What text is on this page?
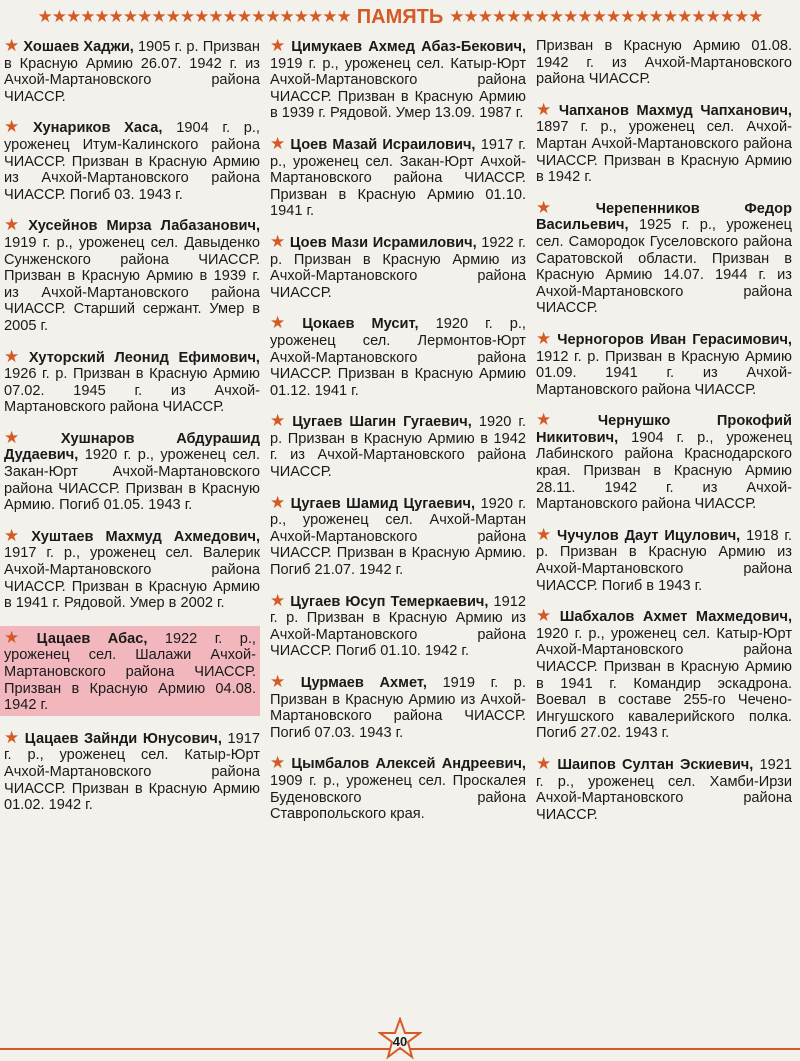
★★★★★★★★★★★★★★★★★★★★★★ ПАМЯТЬ ★★★★★★★★★★★★★★★★★★★★★★
★ Хошаев Хаджи, 1905 г. р. Призван в Красную Армию 26.07. 1942 г. из Ачхой-Мартановского района ЧИАССР.
★ Хунариков Хаса, 1904 г. р., уроженец Итум-Калинского района ЧИАССР. Призван в Красную Армию из Ачхой-Мартановского района ЧИАССР. Погиб 03. 1943 г.
★ Хусейнов Мирза Лабазанович, 1919 г. р., уроженец сел. Давыденко Сунженского района ЧИАССР. Призван в Красную Армию в 1939 г. из Ачхой-Мартановского района ЧИАССР. Старший сержант. Умер в 2005 г.
★ Хуторский Леонид Ефимович, 1926 г. р. Призван в Красную Армию 07.02. 1945 г. из Ачхой-Мартановского района ЧИАССР.
★ Хушнаров Абдурашид Дудаевич, 1920 г. р., уроженец сел. Закан-Юрт Ачхой-Мартановского района ЧИАССР. Призван в Красную Армию. Погиб 01.05. 1943 г.
★ Хуштаев Махмуд Ахмедович, 1917 г. р., уроженец сел. Валерик Ачхой-Мартановского района ЧИАССР. Призван в Красную Армию в 1941 г. Рядовой. Умер в 2002 г.
★ Цацаев Абас, 1922 г. р., уроженец сел. Шалажи Ачхой-Мартановского района ЧИАССР. Призван в Красную Армию 04.08. 1942 г.
★ Цацаев Зайнди Юнусович, 1917 г. р., уроженец сел. Катыр-Юрт Ачхой-Мартановского района ЧИАССР. Призван в Красную Армию 01.02. 1942 г.
★ Цимукаев Ахмед Абаз-Бекович, 1919 г. р., уроженец сел. Катыр-Юрт Ачхой-Мартановского района ЧИАССР. Призван в Красную Армию в 1939 г. Рядовой. Умер 13.09. 1987 г.
★ Цоев Мазай Исраилович, 1917 г. р., уроженец сел. Закан-Юрт Ачхой-Мартановского района ЧИАССР. Призван в Красную Армию 01.10. 1941 г.
★ Цоев Мази Исрамилович, 1922 г. р. Призван в Красную Армию из Ачхой-Мартановского района ЧИАССР.
★ Цокаев Мусит, 1920 г. р., уроженец сел. Лермонтов-Юрт Ачхой-Мартановского района ЧИАССР. Призван в Красную Армию 01.12. 1941 г.
★ Цугаев Шагин Гугаевич, 1920 г. р. Призван в Красную Армию в 1942 г. из Ачхой-Мартановского района ЧИАССР.
★ Цугаев Шамид Цугаевич, 1920 г. р., уроженец сел. Ачхой-Мартан Ачхой-Мартановского района ЧИАССР. Призван в Красную Армию. Погиб 21.07. 1942 г.
★ Цугаев Юсуп Темеркаевич, 1912 г. р. Призван в Красную Армию из Ачхой-Мартановского района ЧИАССР. Погиб 01.10. 1942 г.
★ Цурмаев Ахмет, 1919 г. р. Призван в Красную Армию из Ачхой-Мартановского района ЧИАССР. Погиб 07.03. 1943 г.
★ Цымбалов Алексей Андреевич, 1909 г. р., уроженец сел. Проскалея Буденовского района Ставропольского края.
Призван в Красную Армию 01.08. 1942 г. из Ачхой-Мартановского района ЧИАССР.
★ Чапханов Махмуд Чапханович, 1897 г. р., уроженец сел. Ачхой-Мартан Ачхой-Мартановского района ЧИАССР. Призван в Красную Армию в 1942 г.
★ Черепенников Федор Васильевич, 1925 г. р., уроженец сел. Самородок Гуселовского района Саратовской области. Призван в Красную Армию 14.07. 1944 г. из Ачхой-Мартановского района ЧИАССР.
★ Черногоров Иван Герасимович, 1912 г. р. Призван в Красную Армию 01.09. 1941 г. из Ачхой-Мартановского района ЧИАССР.
★ Чернушко Прокофий Никитович, 1904 г. р., уроженец Лабинского района Краснодарского края. Призван в Красную Армию 28.11. 1942 г. из Ачхой-Мартановского района ЧИАССР.
★ Чучулов Даут Ицулович, 1918 г. р. Призван в Красную Армию из Ачхой-Мартановского района ЧИАССР. Погиб в 1943 г.
★ Шабхалов Ахмет Махмедович, 1920 г. р., уроженец сел. Катыр-Юрт Ачхой-Мартановского района ЧИАССР. Призван в Красную Армию в 1941 г. Командир эскадрона. Воевал в составе 255-го Чечено-Ингушского кавалерийского полка. Погиб 27.02. 1943 г.
★ Шаипов Султан Эскиевич, 1921 г. р., уроженец сел. Хамби-Ирзи Ачхой-Мартановского района ЧИАССР.
40
